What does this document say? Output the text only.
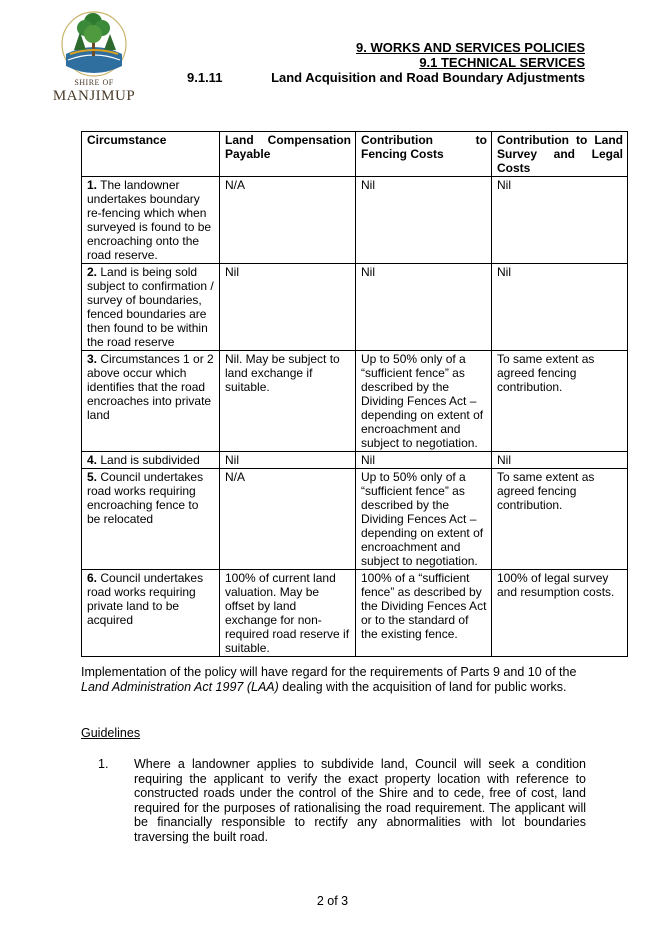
SHIRE OF
MANJIMUP
9. WORKS AND SERVICES POLICIES
9.1 TECHNICAL SERVICES
9.1.11	Land Acquisition and Road Boundary Adjustments
Circumstance	Land Compensation Payable	Contribution to Fencing Costs	Contribution to Land Survey and Legal Costs

1. The landowner undertakes boundary re-fencing which when surveyed is found to be encroaching onto the road reserve.	N/A	Nil	Nil
2. Land is being sold subject to confirmation / survey of boundaries, fenced boundaries are then found to be within the road reserve	Nil	Nil	Nil
3. Circumstances 1 or 2 above occur which identifies that the road encroaches into private land	Nil. May be subject to land exchange if suitable.	Up to 50% only of a “sufficient fence” as described by the Dividing Fences Act – depending on extent of encroachment and subject to negotiation.	To same extent as agreed fencing contribution.
4. Land is subdivided	Nil	Nil	Nil
5. Council undertakes road works requiring encroaching fence to be relocated	N/A	Up to 50% only of a “sufficient fence” as described by the Dividing Fences Act – depending on extent of encroachment and subject to negotiation.	To same extent as agreed fencing contribution.
6. Council undertakes road works requiring private land to be acquired	100% of current land valuation. May be offset by land exchange for non-required road reserve if suitable.	100% of a “sufficient fence” as described by the Dividing Fences Act or to the standard of the existing fence.	100% of legal survey and resumption costs.
Implementation of the policy will have regard for the requirements of Parts 9 and 10 of the Land Administration Act 1997 (LAA) dealing with the acquisition of land for public works.
Guidelines
1. Where a landowner applies to subdivide land, Council will seek a condition requiring the applicant to verify the exact property location with reference to constructed roads under the control of the Shire and to cede, free of cost, land required for the purposes of rationalising the road requirement. The applicant will be financially responsible to rectify any abnormalities with lot boundaries traversing the built road.
2 of 3
